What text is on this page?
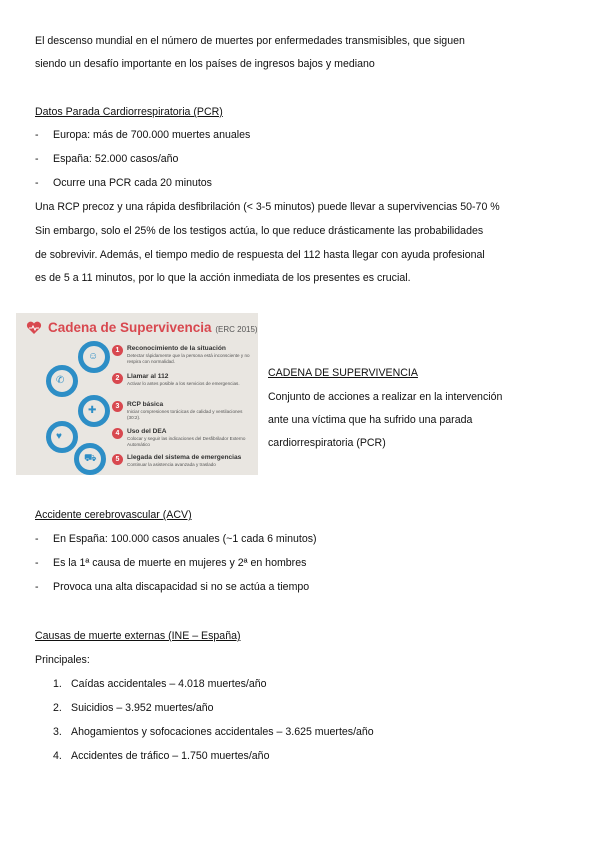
El descenso mundial en el número de muertes por enfermedades transmisibles, que siguen
siendo un desafío importante en los países de ingresos bajos y mediano
Datos Parada Cardiorrespiratoria (PCR)
- Europa: más de 700.000 muertes anuales
- España: 52.000 casos/año
- Ocurre una PCR cada 20 minutos
Una RCP precoz y una rápida desfibrilación (< 3-5 minutos) puede llevar a supervivencias 50-70 %
Sin embargo, solo el 25% de los testigos actúa, lo que reduce drásticamente las probabilidades
de sobrevivir. Además, el tiempo medio de respuesta del 112 hasta llegar con ayuda profesional
es de 5 a 11 minutos, por lo que la acción inmediata de los presentes es crucial.
Cadena de Supervivencia (ERC 2015)
☺
✆
✚
♥
⛟
1	Reconocimiento de la situación
Detectar rápidamente que la persona está inconsciente y no respira con normalidad.
2	Llamar al 112
Activar lo antes posible a los servicios de emergencias.
3	RCP básica
Iniciar compresiones torácicas de calidad y ventilaciones (30:2).
4	Uso del DEA
Colocar y seguir las indicaciones del Desfibrilador Externo Automático
5	Llegada del sistema de emergencias
Continuar la asistencia avanzada y traslado
CADENA DE SUPERVIVENCIA
Conjunto de acciones a realizar en la intervención
ante una víctima que ha sufrido una parada
cardiorrespiratoria (PCR)
Accidente cerebrovascular (ACV)
- En España: 100.000 casos anuales (~1 cada 6 minutos)
- Es la 1ª causa de muerte en mujeres y 2ª en hombres
- Provoca una alta discapacidad si no se actúa a tiempo
Causas de muerte externas (INE – España)
Principales:
1. Caídas accidentales – 4.018 muertes/año
2. Suicidios – 3.952 muertes/año
3. Ahogamientos y sofocaciones accidentales – 3.625 muertes/año
4. Accidentes de tráfico – 1.750 muertes/año
